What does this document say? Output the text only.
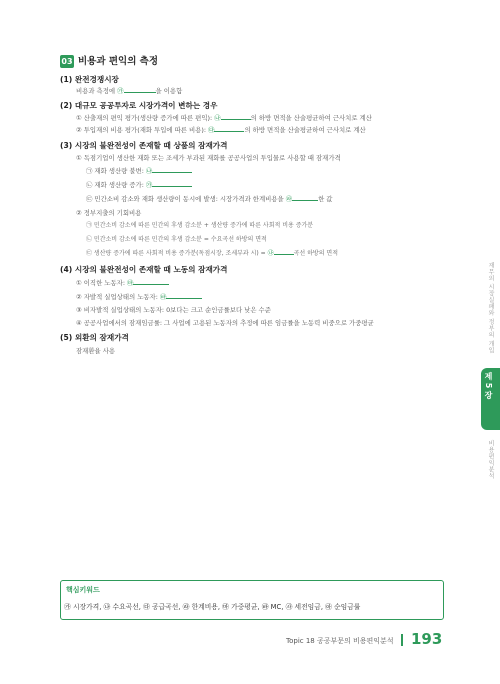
03 비용과 편익의 측정
(1) 완전경쟁시장
비용과 측정에 ㉮	을 이용함
(2) 대규모 공공투자로 시장가격이 변하는 경우
① 산출재의 편익 평가(생산량 증가에 따른 편익): ㉯	의 하방 면적을 산술평균하여 근사치로 계산
② 투입재의 비용 평가(재화 투입에 따른 비용): ㉰	의 하방 면적을 산술평균하여 근사치로 계산
(3) 시장의 불완전성이 존재할 때 상품의 잠재가격
① 독점기업이 생산한 재화 또는 조세가 부과된 재화를 공공사업의 투입물로 사용할 때 잠재가격
㉠ 재화 생산량 불변: ㉯
㉡ 재화 생산량 증가: ㉮
㉢ 민간소비 감소와 재화 생산량이 동시에 발생: 시장가격과 한계비용을 ㉱	한 값
② 정부지출의 기회비용
㉠ 민간소비 감소에 따른 민간의 후생 감소분 + 생산량 증가에 따른 사회적 비용 증가분
㉡ 민간소비 감소에 따른 민간의 후생 감소분 = 수요곡선 하방의 면적
㉢ 생산량 증가에 따른 사회적 비용 증가분(독점시장, 조세부과 시) = ㉯	곡선 하방의 면적
(4) 시장의 불완전성이 존재할 때 노동의 잠재가격
① 이직한 노동자: ㉲
② 자발적 실업상태의 노동자: ㉳
③ 비자발적 실업상태의 노동자: 0보다는 크고 순인금률보다 낮은 수준
④ 공공사업에서의 잠재임금률: 그 사업에 고용된 노동자의 추정에 따른 임금률을 노동력 비중으로 가중평균
(5) 외환의 잠재가격
잠재환율 사용	재무의 시장실패와 정부의 개입
제 5 장
비용편익분석
핵심키워드
㉮ 시장가격, ㉯ 수요곡선, ㉰ 공급곡선, ㉱ 한계비용, ㉲ 가중평균, ㉳ MC, ㉴ 세전임금, ㉵ 순임금률
Topic 18 공공부문의 비용편익분석 193
